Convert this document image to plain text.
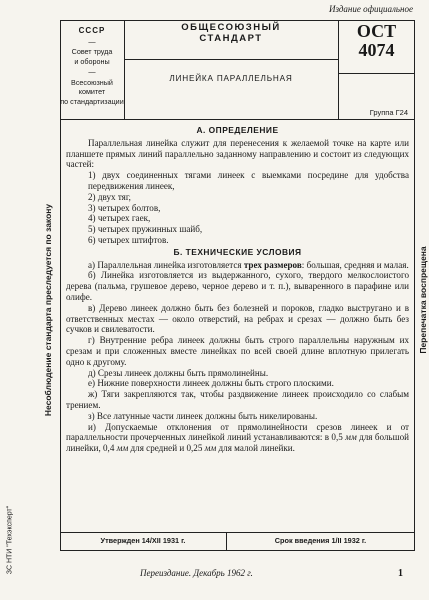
Издание официальное
СССР
—
Совет труда
и обороны
—
Всесоюзный
комитет
по стандартизации
ОБЩЕСОЮЗНЫЙ
СТАНДАРТ
ЛИНЕЙКА ПАРАЛЛЕЛЬНАЯ
ОСТ
4074
Группа Г24

А. ОПРЕДЕЛЕНИЕ

Параллельная линейка служит для перенесения к желаемой точке на карте или планшете прямых линий параллельно заданному направлению и состоит из следующих частей:

1) двух соединенных тягами линеек с выемками посредине для удобства передвижения линеек,

2) двух тяг,

3) четырех болтов,

4) четырех гаек,

5) четырех пружинных шайб,

6) четырех штифтов.

Б. ТЕХНИЧЕСКИЕ УСЛОВИЯ

а) Параллельная линейка изготовляется трех размеров: большая, средняя и малая.

б) Линейка изготовляется из выдержанного, сухого, твердого мелкослоистого дерева (пальма, грушевое дерево, черное дерево и т. п.), вываренного в парафине или олифе.

в) Дерево линеек должно быть без болезней и пороков, гладко выстругано и в ответственных местах — около отверстий, на ребрах и срезах — должно быть без сучков и свилеватости.

г) Внутренние ребра линеек должны быть строго параллельны наружным их срезам и при сложенных вместе линейках по всей своей длине вплотную прилегать одно к другому.

д) Срезы линеек должны быть прямолинейны.

е) Нижние поверхности линеек должны быть строго плоскими.

ж) Тяги закрепляются так, чтобы раздвижение линеек происходило со слабым трением.

з) Все латунные части линеек должны быть никелированы.

и) Допускаемые отклонения от прямолинейности срезов линеек и от параллельности прочерченных линейкой линий устанавливаются: в 0,5 мм для большой линейки, 0,4 мм для средней и 0,25 мм для малой линейки.

Утвержден 14/XII 1931 г.	Срок введения 1/II 1932 г.
Переиздание. Декабрь 1962 г.	1
Несоблюдение стандарта преследуется по закону	Перепечатка воспрещена
ЗС НТИ "Техэксперт"
